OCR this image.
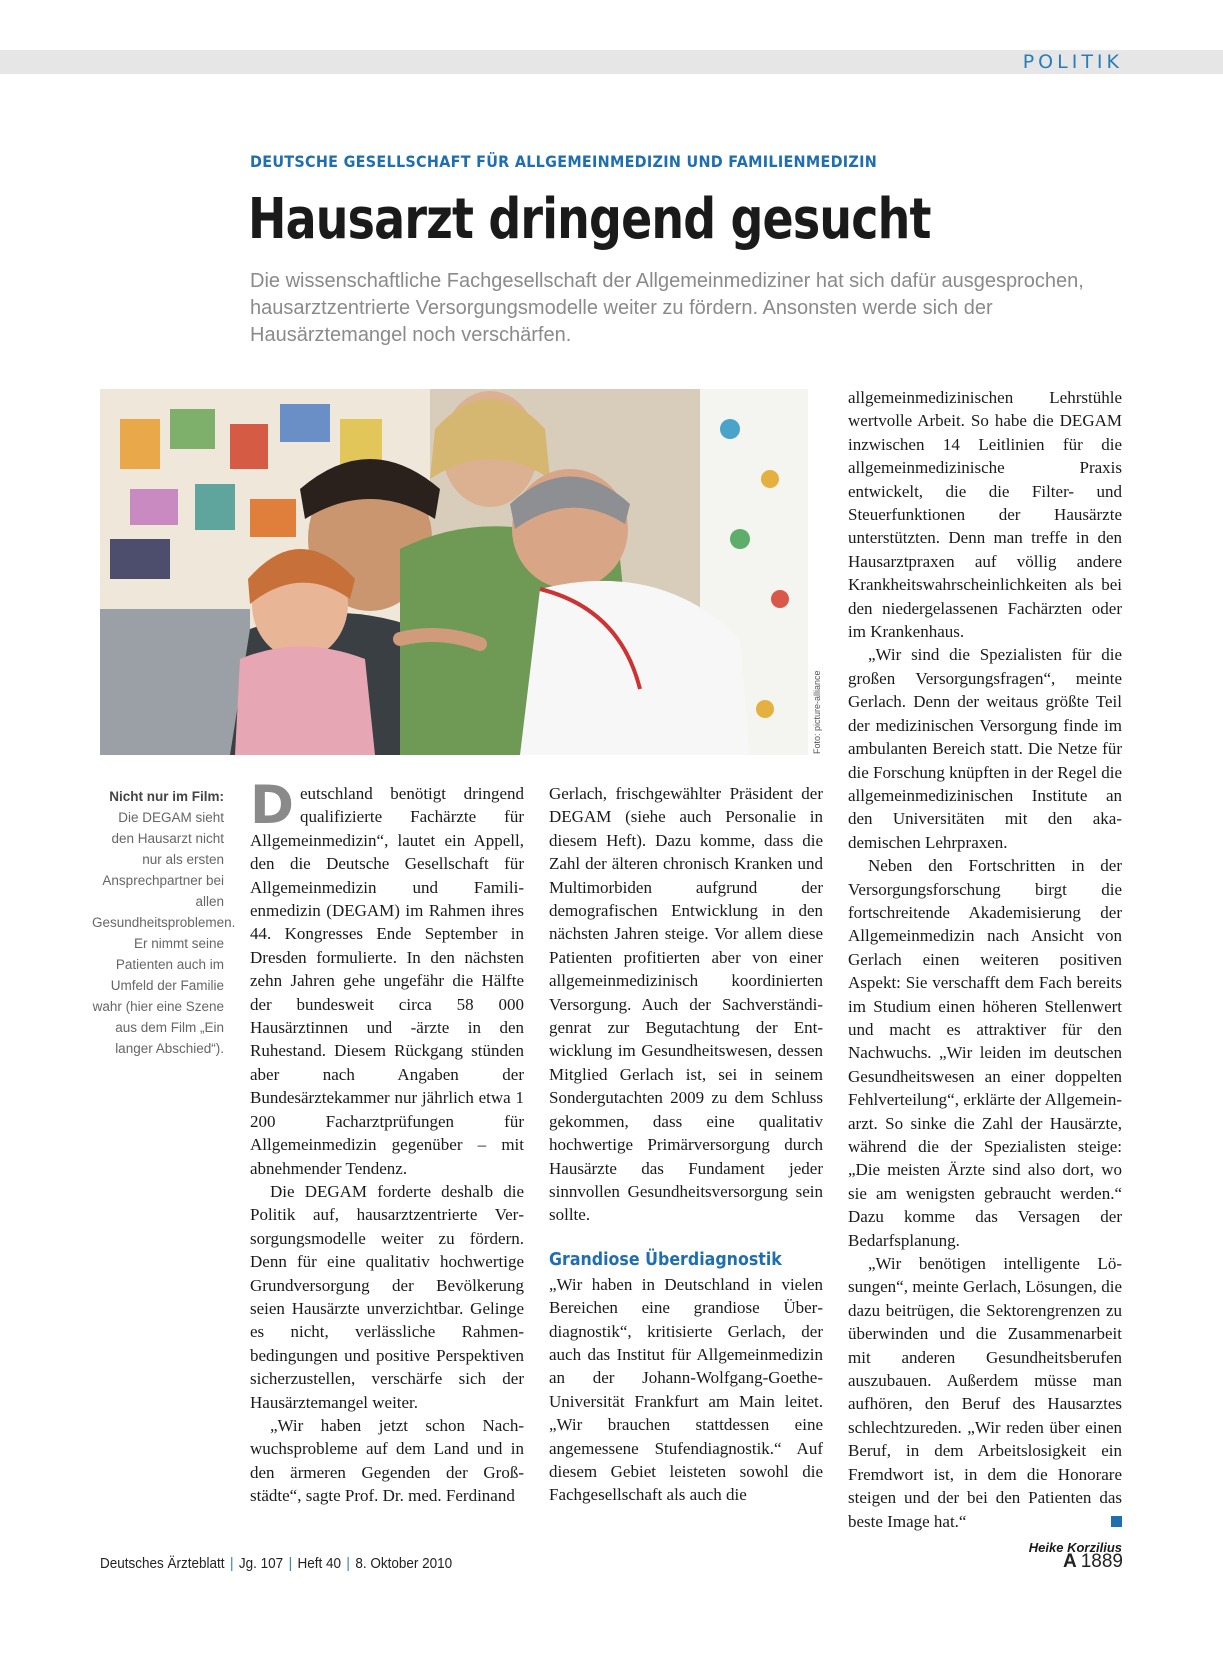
POLITIK
DEUTSCHE GESELLSCHAFT FÜR ALLGEMEINMEDIZIN UND FAMILIENMEDIZIN
Hausarzt dringend gesucht
Die wissenschaftliche Fachgesellschaft der Allgemeinmediziner hat sich dafür ausgesprochen, hausarztzentrierte Versorgungsmodelle weiter zu fördern. Ansonsten werde sich der Hausärztemangel noch verschärfen.
Foto: picture-alliance
Nicht nur im Film:
Die DEGAM sieht den Hausarzt nicht nur als ersten Ansprechpartner bei allen Gesundheitsproblemen. Er nimmt seine Patienten auch im Umfeld der Familie wahr (hier eine Szene aus dem Film „Ein langer Abschied“).

Deutschland benötigt dringend qualifizierte Fachärzte für Allgemeinmedizin“, lautet ein Appell, den die Deutsche Gesellschaft für Allgemeinmedizin und Familienmedizin (DEGAM) im Rahmen ihres 44. Kongresses Ende September in Dresden formulierte. In den nächsten zehn Jahren gehe ungefähr die Hälfte der bundesweit circa 58 000 Hausärztinnen und -ärzte in den Ruhestand. Diesem Rückgang stünden aber nach Angaben der Bundesärztekammer nur jährlich etwa 1 200 Facharztprüfungen für Allgemeinmedizin gegenüber – mit abnehmender Tendenz.

Die DEGAM forderte deshalb die Politik auf, hausarztzentrierte Versorgungsmodelle weiter zu fördern. Denn für eine qualitativ hochwertige Grundversorgung der Bevölkerung seien Hausärzte unverzichtbar. Gelinge es nicht, verlässliche Rahmenbedingungen und positive Perspektiven sicherzustellen, verschärfe sich der Hausärztemangel weiter.

„Wir haben jetzt schon Nachwuchsprobleme auf dem Land und in den ärmeren Gegenden der Großstädte“, sagte Prof. Dr. med. Ferdinand

Gerlach, frischgewählter Präsident der DEGAM (siehe auch Personalie in diesem Heft). Dazu komme, dass die Zahl der älteren chronisch Kranken und Multimorbiden aufgrund der demografischen Entwicklung in den nächsten Jahren steige. Vor allem diese Patienten profitierten aber von einer allgemeinmedizinisch koordinierten Versorgung. Auch der Sachverständigenrat zur Begutachtung der Entwicklung im Gesundheitswesen, dessen Mitglied Gerlach ist, sei in seinem Sondergutachten 2009 zu dem Schluss gekommen, dass eine qualitativ hochwertige Primärversorgung durch Hausärzte das Fundament jeder sinnvollen Gesundheitsversorgung sein sollte.

Grandiose Überdiagnostik

„Wir haben in Deutschland in vielen Bereichen eine grandiose Überdiagnostik“, kritisierte Gerlach, der auch das Institut für Allgemeinmedizin an der Johann-Wolfgang-Goethe-Universität Frankfurt am Main leitet. „Wir brauchen stattdessen eine angemessene Stufendiagnostik.“ Auf diesem Gebiet leisteten sowohl die Fachgesellschaft als auch die

allgemeinmedizinischen Lehrstühle wertvolle Arbeit. So habe die DEGAM inzwischen 14 Leitlinien für die allgemeinmedizinische Praxis entwickelt, die die Filter- und Steuerfunktionen der Hausärzte unterstützten. Denn man treffe in den Hausarztpraxen auf völlig andere Krankheitswahrscheinlichkeiten als bei den niedergelassenen Fachärzten oder im Krankenhaus.

„Wir sind die Spezialisten für die großen Versorgungsfragen“, meinte Gerlach. Denn der weitaus größte Teil der medizinischen Versorgung finde im ambulanten Bereich statt. Die Netze für die Forschung knüpften in der Regel die allgemeinmedizinischen Institute an den Universitäten mit den akademischen Lehrpraxen.

Neben den Fortschritten in der Versorgungsforschung birgt die fortschreitende Akademisierung der Allgemeinmedizin nach Ansicht von Gerlach einen weiteren positiven Aspekt: Sie verschafft dem Fach bereits im Studium einen höheren Stellenwert und macht es attraktiver für den Nachwuchs. „Wir leiden im deutschen Gesundheitswesen an einer doppelten Fehlverteilung“, erklärte der Allgemeinarzt. So sinke die Zahl der Hausärzte, während die der Spezialisten steige: „Die meisten Ärzte sind also dort, wo sie am wenigsten gebraucht werden.“ Dazu komme das Versagen der Bedarfsplanung.

„Wir benötigen intelligente Lösungen“, meinte Gerlach, Lösungen, die dazu beitrügen, die Sektorengrenzen zu überwinden und die Zusammenarbeit mit anderen Gesundheitsberufen auszubauen. Außerdem müsse man aufhören, den Beruf des Hausarztes schlechtzureden. „Wir reden über einen Beruf, in dem Arbeitslosigkeit ein Fremdwort ist, in dem die Honorare steigen und der bei den Patienten das beste Image hat.“

Heike Korzilius
Deutsches Ärzteblatt | Jg. 107 | Heft 40 | 8. Oktober 2010	A 1889
